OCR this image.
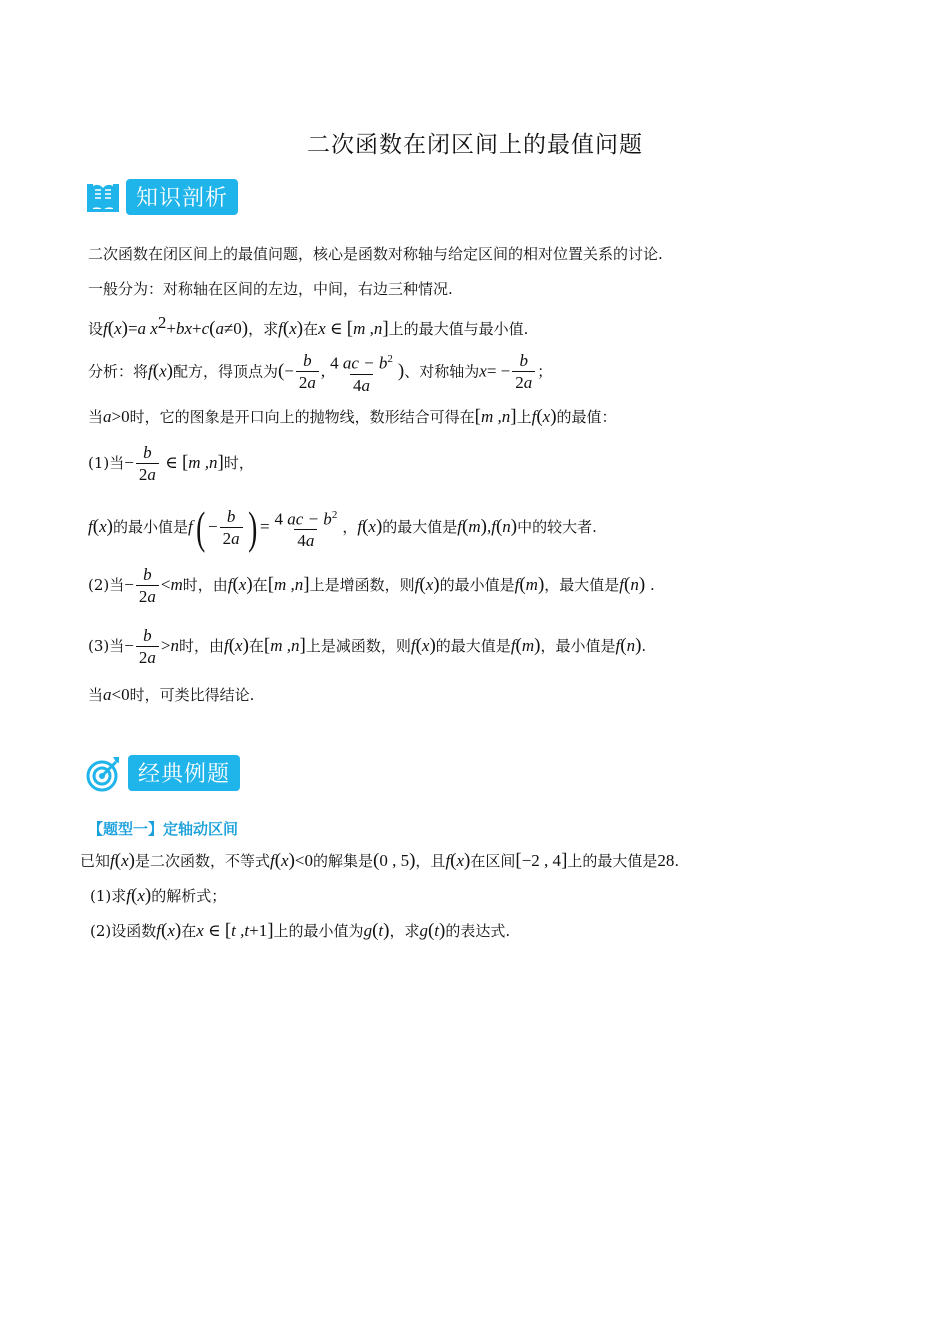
二次函数在闭区间上的最值问题
知识剖析
二次函数在闭区间上的最值问题，核心是函数对称轴与给定区间的相对位置关系的讨论.
一般分为：对称轴在区间的左边，中间，右边三种情况.
设f(x)=a $x^2+bx+c(a\ne 0)$，求f(x)在x ∈ [m ,n]上的最大值与最小值.
分析：将f(x)配方，得顶点为(− $\frac{b}{2a}$ , $\frac{4 ac - b^2}{4a}$ )、对称轴为$x= - \frac{b}{2a}$ ；
当a>0时，它的图象是开口向上的抛物线，数形结合可得在[m ,n]上f(x)的最值：
(1)当− $\frac{b}{2a}$ ∈ [m ,n]时，
f(x)的最小值是$f( - \frac{b}{2a}$ ) = $\frac{4 ac - b^2}{4a}$ ，f(x)的最大值是f(m),f(n)中的较大者.
(2)当− $\frac{b}{2a} <m$时，由f(x)在[m ,n]上是增函数，则f(x)的最小值是f(m)，最大值是f(n) .
(3)当− $\frac{b}{2a} >n$时，由f(x)在[m ,n]上是减函数，则f(x)的最大值是f(m)，最小值是f(n).
当a<0时，可类比得结论.
经典例题
【题型一】定轴动区间
已知f(x)是二次函数，不等式f(x)<0的解集是(0 , 5)，且f(x)在区间[−2 , 4]上的最大值是28.
(1)求f(x)的解析式；
(2)设函数f(x)在x ∈ [t ,t+1]上的最小值为g(t)，求g(t)的表达式.
